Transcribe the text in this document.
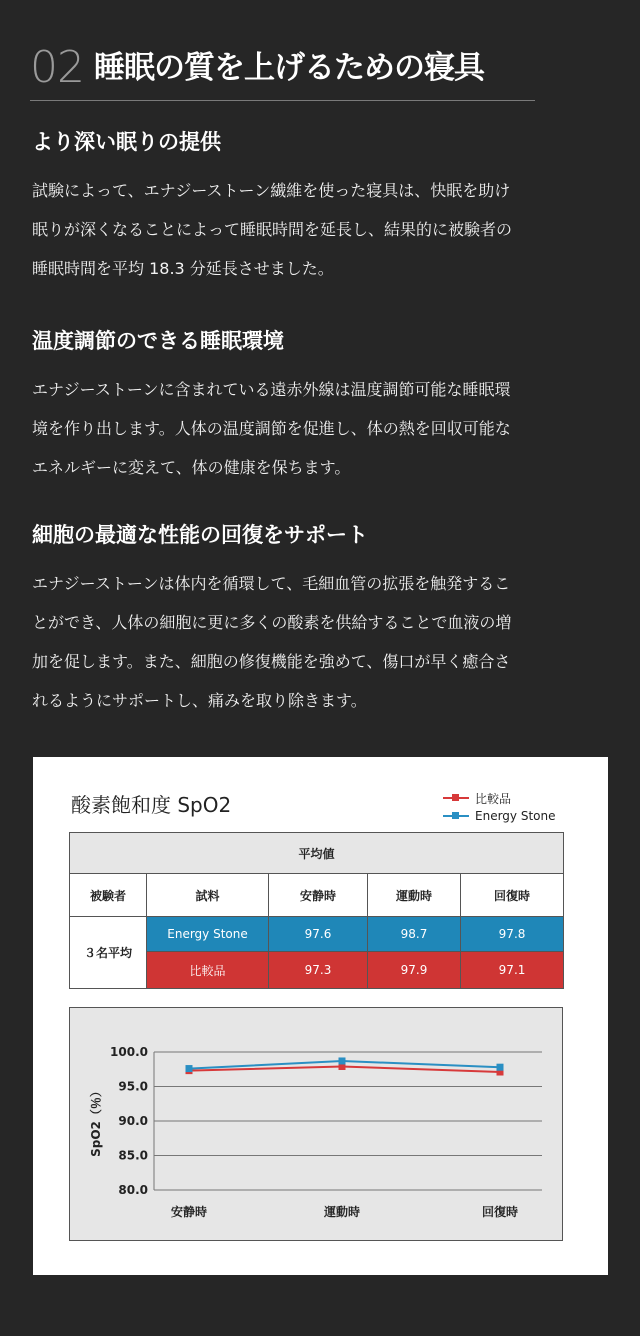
02 睡眠の質を上げるための寝具
より深い眠りの提供

試験によって、エナジーストーン繊維を使った寝具は、快眠を助け
眠りが深くなることによって睡眠時間を延長し、結果的に被験者の
睡眠時間を平均 18.3 分延長させました。

温度調節のできる睡眠環境

エナジーストーンに含まれている遠赤外線は温度調節可能な睡眠環
境を作り出します。人体の温度調節を促進し、体の熱を回収可能な
エネルギーに変えて、体の健康を保ちます。

細胞の最適な性能の回復をサポート

エナジーストーンは体内を循環して、毛細血管の拡張を触発するこ
とができ、人体の細胞に更に多くの酸素を供給することで血液の増
加を促します。また、細胞の修復機能を強めて、傷口が早く癒合さ
れるようにサポートし、痛みを取り除きます。

酸素飽和度 SpO2	比較品
Energy Stone
平均値				
被験者	試料	安静時	運動時	回復時
３名平均	Energy Stone	97.6	98.7	97.8
	比較品	97.3	97.9	97.1
100.0
95.0
90.0
85.0
80.0
安静時	運動時	回復時
SpO2（％）
